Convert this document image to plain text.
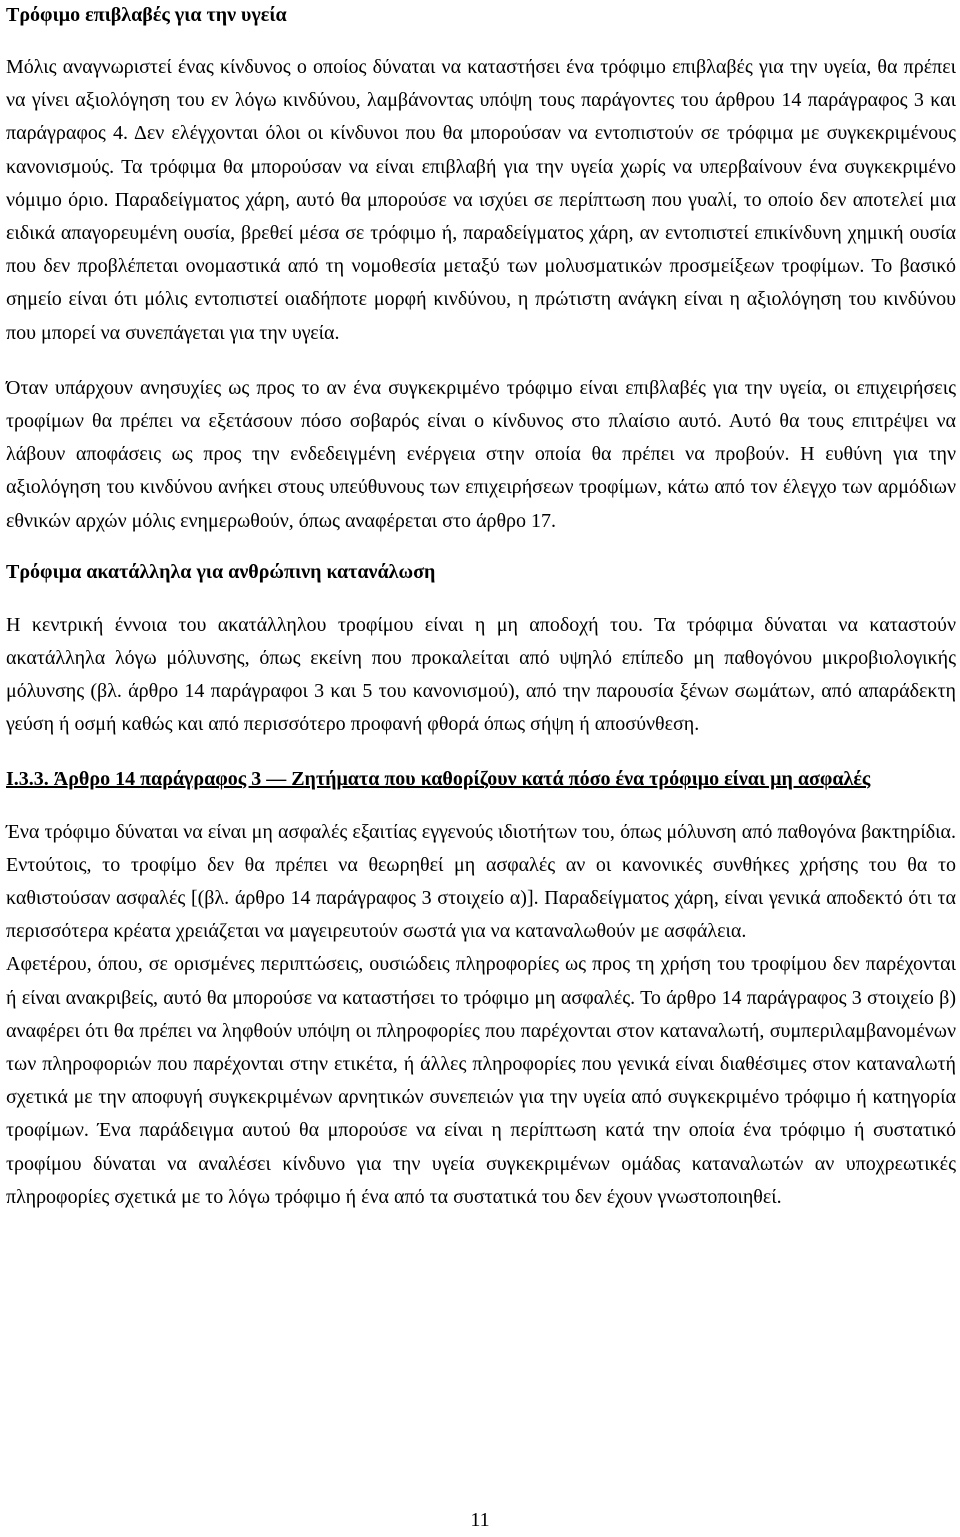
Τρόφιμο επιβλαβές για την υγεία

Μόλις αναγνωριστεί ένας κίνδυνος ο οποίος δύναται να καταστήσει ένα τρόφιμο επιβλαβές για την υγεία, θα πρέπει να γίνει αξιολόγηση του εν λόγω κινδύνου, λαμβάνοντας υπόψη τους παράγοντες του άρθρου 14 παράγραφος 3 και παράγραφος 4. Δεν ελέγχονται όλοι οι κίνδυνοι που θα μπορούσαν να εντοπιστούν σε τρόφιμα με συγκεκριμένους κανονισμούς. Τα τρόφιμα θα μπορούσαν να είναι επιβλαβή για την υγεία χωρίς να υπερβαίνουν ένα συγκεκριμένο νόμιμο όριο. Παραδείγματος χάρη, αυτό θα μπορούσε να ισχύει σε περίπτωση που γυαλί, το οποίο δεν αποτελεί μια ειδικά απαγορευμένη ουσία, βρεθεί μέσα σε τρόφιμο ή, παραδείγματος χάρη, αν εντοπιστεί επικίνδυνη χημική ουσία που δεν προβλέπεται ονομαστικά από τη νομοθεσία μεταξύ των μολυσματικών προσμείξεων τροφίμων. Το βασικό σημείο είναι ότι μόλις εντοπιστεί οιαδήποτε μορφή κινδύνου, η πρώτιστη ανάγκη είναι η αξιολόγηση του κινδύνου που μπορεί να συνεπάγεται για την υγεία.

Όταν υπάρχουν ανησυχίες ως προς το αν ένα συγκεκριμένο τρόφιμο είναι επιβλαβές για την υγεία, οι επιχειρήσεις τροφίμων θα πρέπει να εξετάσουν πόσο σοβαρός είναι ο κίνδυνος στο πλαίσιο αυτό. Αυτό θα τους επιτρέψει να λάβουν αποφάσεις ως προς την ενδεδειγμένη ενέργεια στην οποία θα πρέπει να προβούν. Η ευθύνη για την αξιολόγηση του κινδύνου ανήκει στους υπεύθυνους των επιχειρήσεων τροφίμων, κάτω από τον έλεγχο των αρμόδιων εθνικών αρχών μόλις ενημερωθούν, όπως αναφέρεται στο άρθρο 17.

Τρόφιμα ακατάλληλα για ανθρώπινη κατανάλωση

Η κεντρική έννοια του ακατάλληλου τροφίμου είναι η μη αποδοχή του. Τα τρόφιμα δύναται να καταστούν ακατάλληλα λόγω μόλυνσης, όπως εκείνη που προκαλείται από υψηλό επίπεδο μη παθογόνου μικροβιολογικής μόλυνσης (βλ. άρθρο 14 παράγραφοι 3 και 5 του κανονισμού), από την παρουσία ξένων σωμάτων, από απαράδεκτη γεύση ή οσμή καθώς και από περισσότερο προφανή φθορά όπως σήψη ή αποσύνθεση.

I.3.3. Άρθρο 14 παράγραφος 3 — Ζητήματα που καθορίζουν κατά πόσο ένα τρόφιμο είναι μη ασφαλές

Ένα τρόφιμο δύναται να είναι μη ασφαλές εξαιτίας εγγενούς ιδιοτήτων του, όπως μόλυνση από παθογόνα βακτηρίδια. Εντούτοις, το τροφίμο δεν θα πρέπει να θεωρηθεί μη ασφαλές αν οι κανονικές συνθήκες χρήσης του θα το καθιστούσαν ασφαλές [(βλ. άρθρο 14 παράγραφος 3 στοιχείο α)]. Παραδείγματος χάρη, είναι γενικά αποδεκτό ότι τα περισσότερα κρέατα χρειάζεται να μαγειρευτούν σωστά για να καταναλωθούν με ασφάλεια.

Αφετέρου, όπου, σε ορισμένες περιπτώσεις, ουσιώδεις πληροφορίες ως προς τη χρήση του τροφίμου δεν παρέχονται ή είναι ανακριβείς, αυτό θα μπορούσε να καταστήσει το τρόφιμο μη ασφαλές. Το άρθρο 14 παράγραφος 3 στοιχείο β) αναφέρει ότι θα πρέπει να ληφθούν υπόψη οι πληροφορίες που παρέχονται στον καταναλωτή, συμπεριλαμβανομένων των πληροφοριών που παρέχονται στην ετικέτα, ή άλλες πληροφορίες που γενικά είναι διαθέσιμες στον καταναλωτή σχετικά με την αποφυγή συγκεκριμένων αρνητικών συνεπειών για την υγεία από συγκεκριμένο τρόφιμο ή κατηγορία τροφίμων. Ένα παράδειγμα αυτού θα μπορούσε να είναι η περίπτωση κατά την οποία ένα τρόφιμο ή συστατικό τροφίμου δύναται να αναλέσει κίνδυνο για την υγεία συγκεκριμένων ομάδας καταναλωτών αν υποχρεωτικές πληροφορίες σχετικά με το λόγω τρόφιμο ή ένα από τα συστατικά του δεν έχουν γνωστοποιηθεί.

11
